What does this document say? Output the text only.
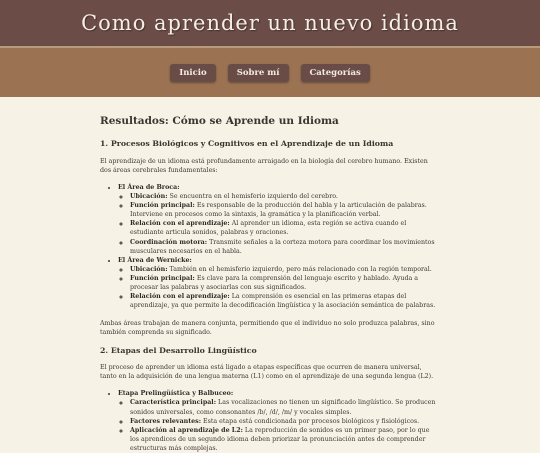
Como aprender un nuevo idioma
Inicio	Sobre mí	Categorías
Resultados: Cómo se Aprende un Idioma
1. Procesos Biológicos y Cognitivos en el Aprendizaje de un Idioma

El aprendizaje de un idioma está profundamente arraigado en la biología del cerebro humano. Existen dos áreas cerebrales fundamentales:

• El Área de Broca:
◦ Ubicación: Se encuentra en el hemisferio izquierdo del cerebro.
◦ Función principal: Es responsable de la producción del habla y la articulación de palabras. Interviene en procesos como la sintaxis, la gramática y la planificación verbal.
◦ Relación con el aprendizaje: Al aprender un idioma, esta región se activa cuando el estudiante articula sonidos, palabras y oraciones.
◦ Coordinación motora: Transmite señales a la corteza motora para coordinar los movimientos musculares necesarios en el habla.
• El Área de Wernicke:
◦ Ubicación: También en el hemisferio izquierdo, pero más relacionado con la región temporal.
◦ Función principal: Es clave para la comprensión del lenguaje escrito y hablado. Ayuda a procesar las palabras y asociarlas con sus significados.
◦ Relación con el aprendizaje: La comprensión es esencial en las primeras etapas del aprendizaje, ya que permite la decodificación lingüística y la asociación semántica de palabras.

Ambas áreas trabajan de manera conjunta, permitiendo que el individuo no solo produzca palabras, sino también comprenda su significado.

2. Etapas del Desarrollo Lingüístico

El proceso de aprender un idioma está ligado a etapas específicas que ocurren de manera universal, tanto en la adquisición de una lengua materna (L1) como en el aprendizaje de una segunda lengua (L2).

• Etapa Prelingüística y Balbuceo:
◦ Característica principal: Las vocalizaciones no tienen un significado lingüístico. Se producen sonidos universales, como consonantes /b/, /d/, /m/ y vocales simples.
◦ Factores relevantes: Esta etapa está condicionada por procesos biológicos y fisiológicos.
◦ Aplicación al aprendizaje de L2: La reproducción de sonidos es un primer paso, por lo que los aprendices de un segundo idioma deben priorizar la pronunciación antes de comprender estructuras más complejas.
